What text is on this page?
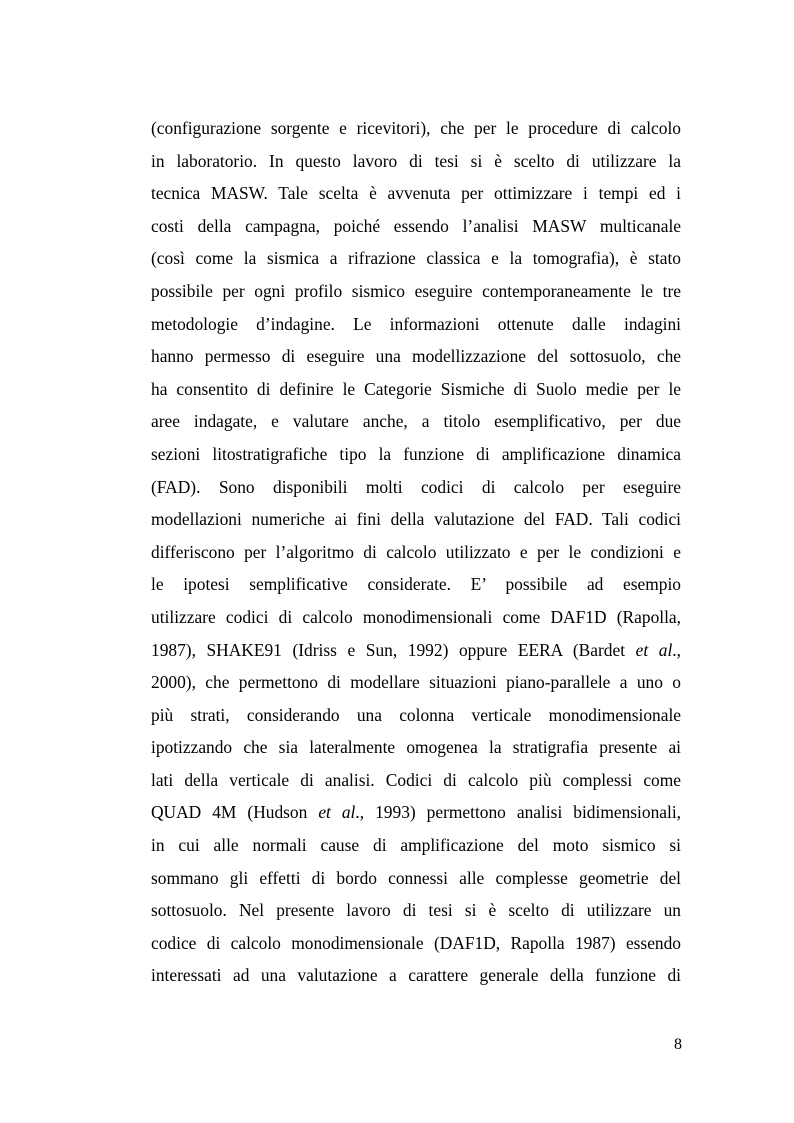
(configurazione sorgente e ricevitori), che per le procedure di calcolo
in laboratorio. In questo lavoro di tesi si è scelto di utilizzare la
tecnica MASW. Tale scelta è avvenuta per ottimizzare i tempi ed i
costi della campagna, poiché essendo l’analisi MASW multicanale
(così come la sismica a rifrazione classica e la tomografia), è stato
possibile per ogni profilo sismico eseguire contemporaneamente le tre
metodologie d’indagine. Le informazioni ottenute dalle indagini
hanno permesso di eseguire una modellizzazione del sottosuolo, che
ha consentito di definire le Categorie Sismiche di Suolo medie per le
aree indagate, e valutare anche, a titolo esemplificativo, per due
sezioni litostratigrafiche tipo la funzione di amplificazione dinamica
(FAD). Sono disponibili molti codici di calcolo per eseguire
modellazioni numeriche ai fini della valutazione del FAD. Tali codici
differiscono per l’algoritmo di calcolo utilizzato e per le condizioni e
le ipotesi semplificative considerate. E’ possibile ad esempio
utilizzare codici di calcolo monodimensionali come DAF1D (Rapolla,
1987), SHAKE91 (Idriss e Sun, 1992) oppure EERA (Bardet et al.,
2000), che permettono di modellare situazioni piano-parallele a uno o
più strati, considerando una colonna verticale monodimensionale
ipotizzando che sia lateralmente omogenea la stratigrafia presente ai
lati della verticale di analisi. Codici di calcolo più complessi come
QUAD 4M (Hudson et al., 1993) permettono analisi bidimensionali,
in cui alle normali cause di amplificazione del moto sismico si
sommano gli effetti di bordo connessi alle complesse geometrie del
sottosuolo. Nel presente lavoro di tesi si è scelto di utilizzare un
codice di calcolo monodimensionale (DAF1D, Rapolla 1987) essendo
interessati ad una valutazione a carattere generale della funzione di

8
